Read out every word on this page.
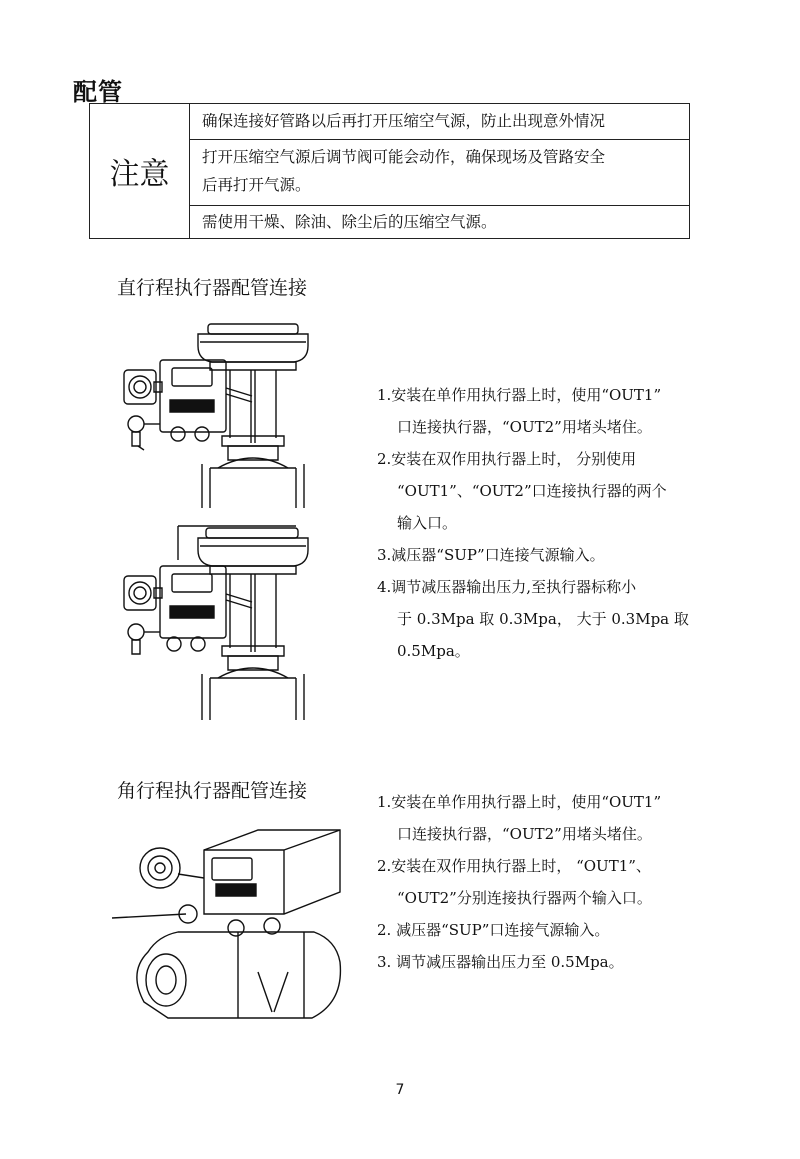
配管
注意
确保连接好管路以后再打开压缩空气源，防止出现意外情况
打开压缩空气源后调节阀可能会动作，确保现场及管路安全
后再打开气源。
需使用干燥、除油、除尘后的压缩空气源。
直行程执行器配管连接
1.安装在单作用执行器上时，使用“OUT1”
口连接执行器，“OUT2”用堵头堵住。
2.安装在双作用执行器上时， 分别使用
“OUT1”、“OUT2”口连接执行器的两个
输入口。
3.减压器“SUP”口连接气源输入。
4.调节减压器输出压力,至执行器标称小
于 0.3Mpa 取 0.3Mpa， 大于 0.3Mpa 取
0.5Mpa。
角行程执行器配管连接	1.安装在单作用执行器上时，使用“OUT1”
口连接执行器，“OUT2”用堵头堵住。
2.安装在双作用执行器上时， “OUT1”、
“OUT2”分别连接执行器两个输入口。
2. 减压器“SUP”口连接气源输入。
3. 调节减压器输出压力至 0.5Mpa。
7
